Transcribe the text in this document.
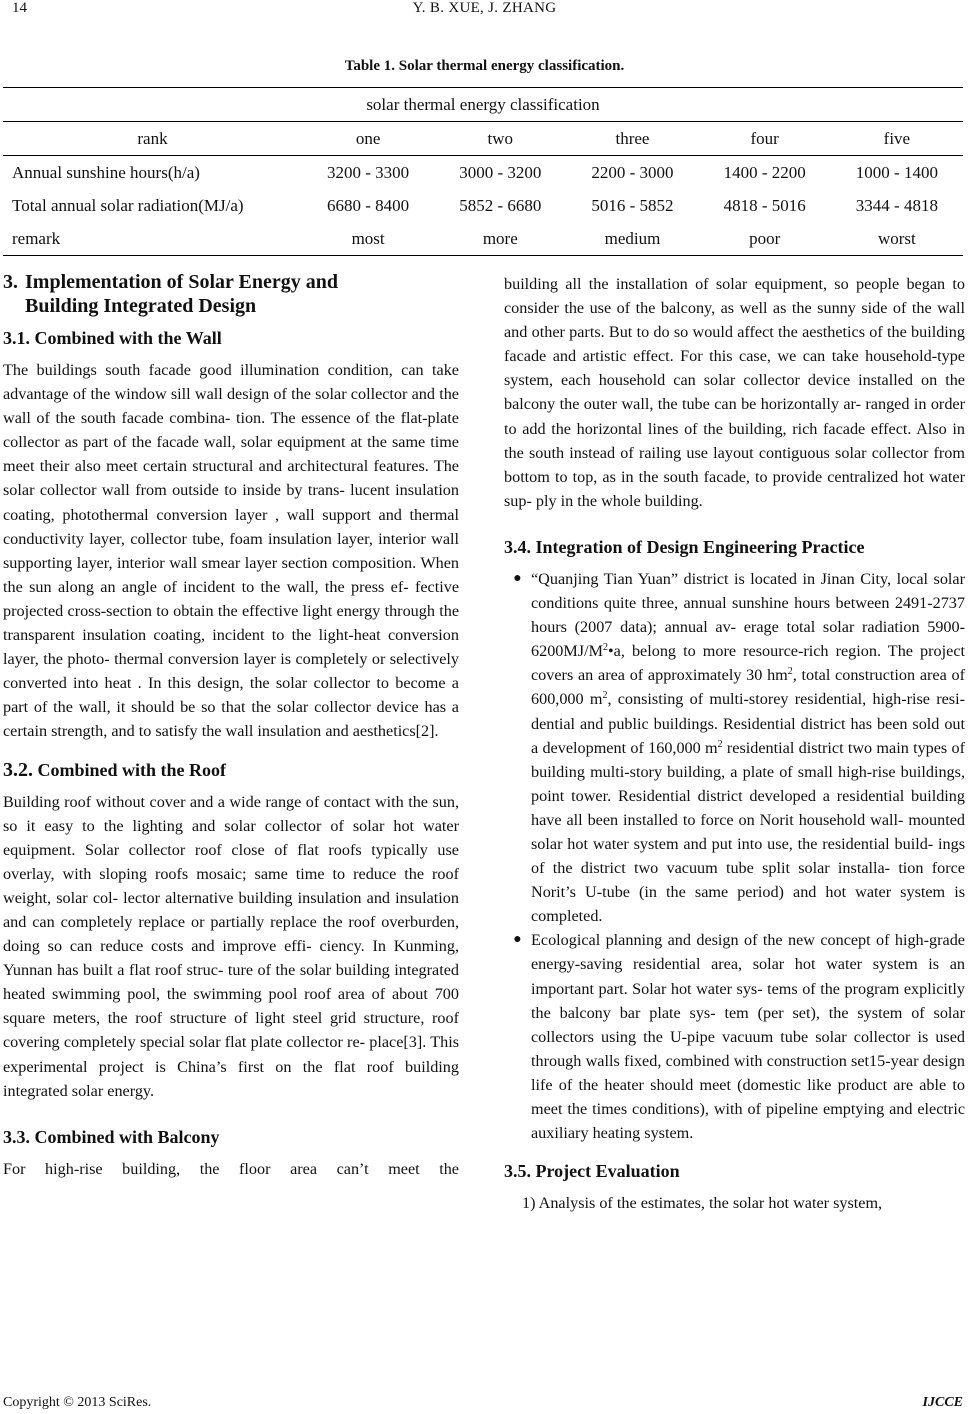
14	Y. B. XUE, J. ZHANG
Table 1. Solar thermal energy classification.
solar thermal energy classification					
rank	one	two	three	four	five
Annual sunshine hours(h/a)	3200 - 3300	3000 - 3200	2200 - 3000	1400 - 2200	1000 - 1400
Total annual solar radiation(MJ/a)	6680 - 8400	5852 - 6680	5016 - 5852	4818 - 5016	3344 - 4818
remark	most	more	medium	poor	worst
3. Implementation of Solar Energy and
Building Integrated Design
3.1. Combined with the Wall

The buildings south facade good illumination condition, can take advantage of the window sill wall design of the solar collector and the wall of the south facade combina- tion. The essence of the flat-plate collector as part of the facade wall, solar equipment at the same time meet their also meet certain structural and architectural features. The solar collector wall from outside to inside by trans- lucent insulation coating, photothermal conversion layer , wall support and thermal conductivity layer, collector tube, foam insulation layer, interior wall supporting layer, interior wall smear layer section composition. When the sun along an angle of incident to the wall, the press ef- fective projected cross-section to obtain the effective light energy through the transparent insulation coating, incident to the light-heat conversion layer, the photo- thermal conversion layer is completely or selectively converted into heat . In this design, the solar collector to become a part of the wall, it should be so that the solar collector device has a certain strength, and to satisfy the wall insulation and aesthetics[2].

3.2. Combined with the Roof

Building roof without cover and a wide range of contact with the sun, so it easy to the lighting and solar collector of solar hot water equipment. Solar collector roof close of flat roofs typically use overlay, with sloping roofs mosaic; same time to reduce the roof weight, solar col- lector alternative building insulation and insulation and can completely replace or partially replace the roof overburden, doing so can reduce costs and improve effi- ciency. In Kunming, Yunnan has built a flat roof struc- ture of the solar building integrated heated swimming pool, the swimming pool roof area of about 700 square meters, the roof structure of light steel grid structure, roof covering completely special solar flat plate collector re- place[3]. This experimental project is China’s first on the flat roof building integrated solar energy.

3.3. Combined with Balcony

For high-rise building, the floor area can’t meet the

building all the installation of solar equipment, so people began to consider the use of the balcony, as well as the sunny side of the wall and other parts. But to do so would affect the aesthetics of the building facade and artistic effect. For this case, we can take household-type system, each household can solar collector device installed on the balcony the outer wall, the tube can be horizontally ar- ranged in order to add the horizontal lines of the building, rich facade effect. Also in the south instead of railing use layout contiguous solar collector from bottom to top, as in the south facade, to provide centralized hot water sup- ply in the whole building.

3.4. Integration of Design Engineering Practice
● “Quanjing Tian Yuan” district is located in Jinan City, local solar conditions quite three, annual sunshine hours between 2491-2737 hours (2007 data); annual av- erage total solar radiation $5900-6200MJ/M^2•a$, belong to more resource-rich region. The project covers an area of approximately 30 $hm^2$, total construction area of 600,000 $m^2$, consisting of multi-storey residential, high-rise resi- dential and public buildings. Residential district has been sold out a development of 160,000 $m^2$ residential district two main types of building multi-story building, a plate of small high-rise buildings, point tower. Residential district developed a residential building have all been installed to force on Norit household wall- mounted solar hot water system and put into use, the residential build- ings of the district two vacuum tube split solar installa- tion force Norit’s U-tube (in the same period) and hot water system is completed.

● Ecological planning and design of the new concept of high-grade energy-saving residential area, solar hot water system is an important part. Solar hot water sys- tems of the program explicitly the balcony bar plate sys- tem (per set), the system of solar collectors using the U-pipe vacuum tube solar collector is used through walls fixed, combined with construction set15-year design life of the heater should meet (domestic like product are able to meet the times conditions), with of pipeline emptying and electric auxiliary heating system.

3.5. Project Evaluation

1) Analysis of the estimates, the solar hot water system,

Copyright © 2013 SciRes.	IJCCE
